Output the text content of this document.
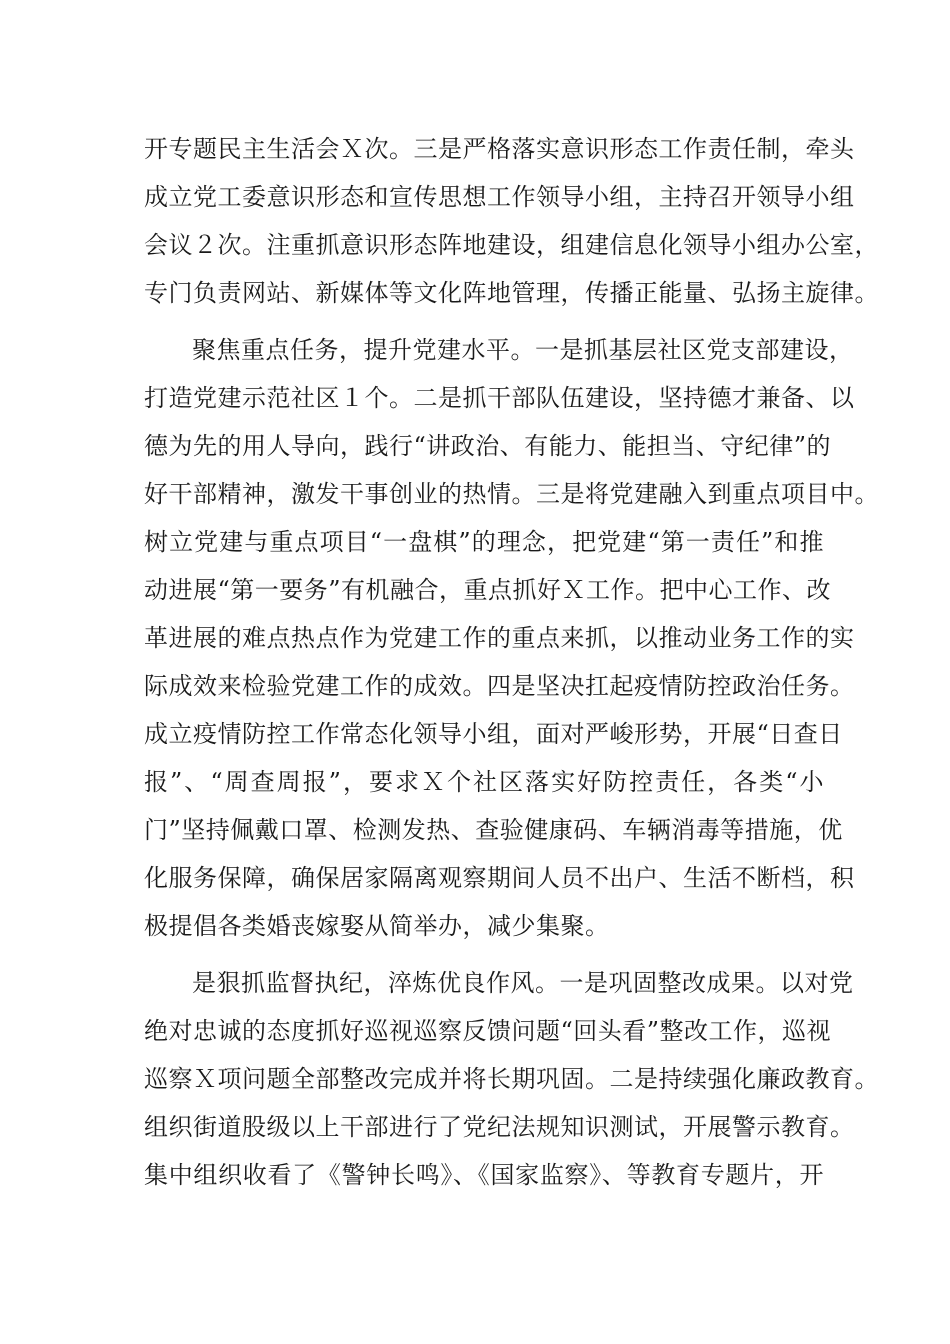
开专题民主生活会Ｘ次。三是严格落实意识形态工作责任制，牵头
成立党工委意识形态和宣传思想工作领导小组，主持召开领导小组
会议２次。注重抓意识形态阵地建设，组建信息化领导小组办公室，
专门负责网站、新媒体等文化阵地管理，传播正能量、弘扬主旋律。
聚焦重点任务，提升党建水平。一是抓基层社区党支部建设，
打造党建示范社区１个。二是抓干部队伍建设，坚持德才兼备、以
德为先的用人导向，践行“讲政治、有能力、能担当、守纪律”的
好干部精神，激发干事创业的热情。三是将党建融入到重点项目中。
树立党建与重点项目“一盘棋”的理念，把党建“第一责任”和推
动进展“第一要务”有机融合，重点抓好Ｘ工作。把中心工作、改
革进展的难点热点作为党建工作的重点来抓，以推动业务工作的实
际成效来检验党建工作的成效。四是坚决扛起疫情防控政治任务。
成立疫情防控工作常态化领导小组，面对严峻形势，开展“日查日
报”、“周查周报”，要求Ｘ个社区落实好防控责任，各类“小
门”坚持佩戴口罩、检测发热、查验健康码、车辆消毒等措施，优
化服务保障，确保居家隔离观察期间人员不出户、生活不断档，积
极提倡各类婚丧嫁娶从简举办，减少集聚。
是狠抓监督执纪，淬炼优良作风。一是巩固整改成果。以对党
绝对忠诚的态度抓好巡视巡察反馈问题“回头看”整改工作，巡视
巡察Ｘ项问题全部整改完成并将长期巩固。二是持续强化廉政教育。
组织街道股级以上干部进行了党纪法规知识测试，开展警示教育。
集中组织收看了《警钟长鸣》、《国家监察》、等教育专题片，开
